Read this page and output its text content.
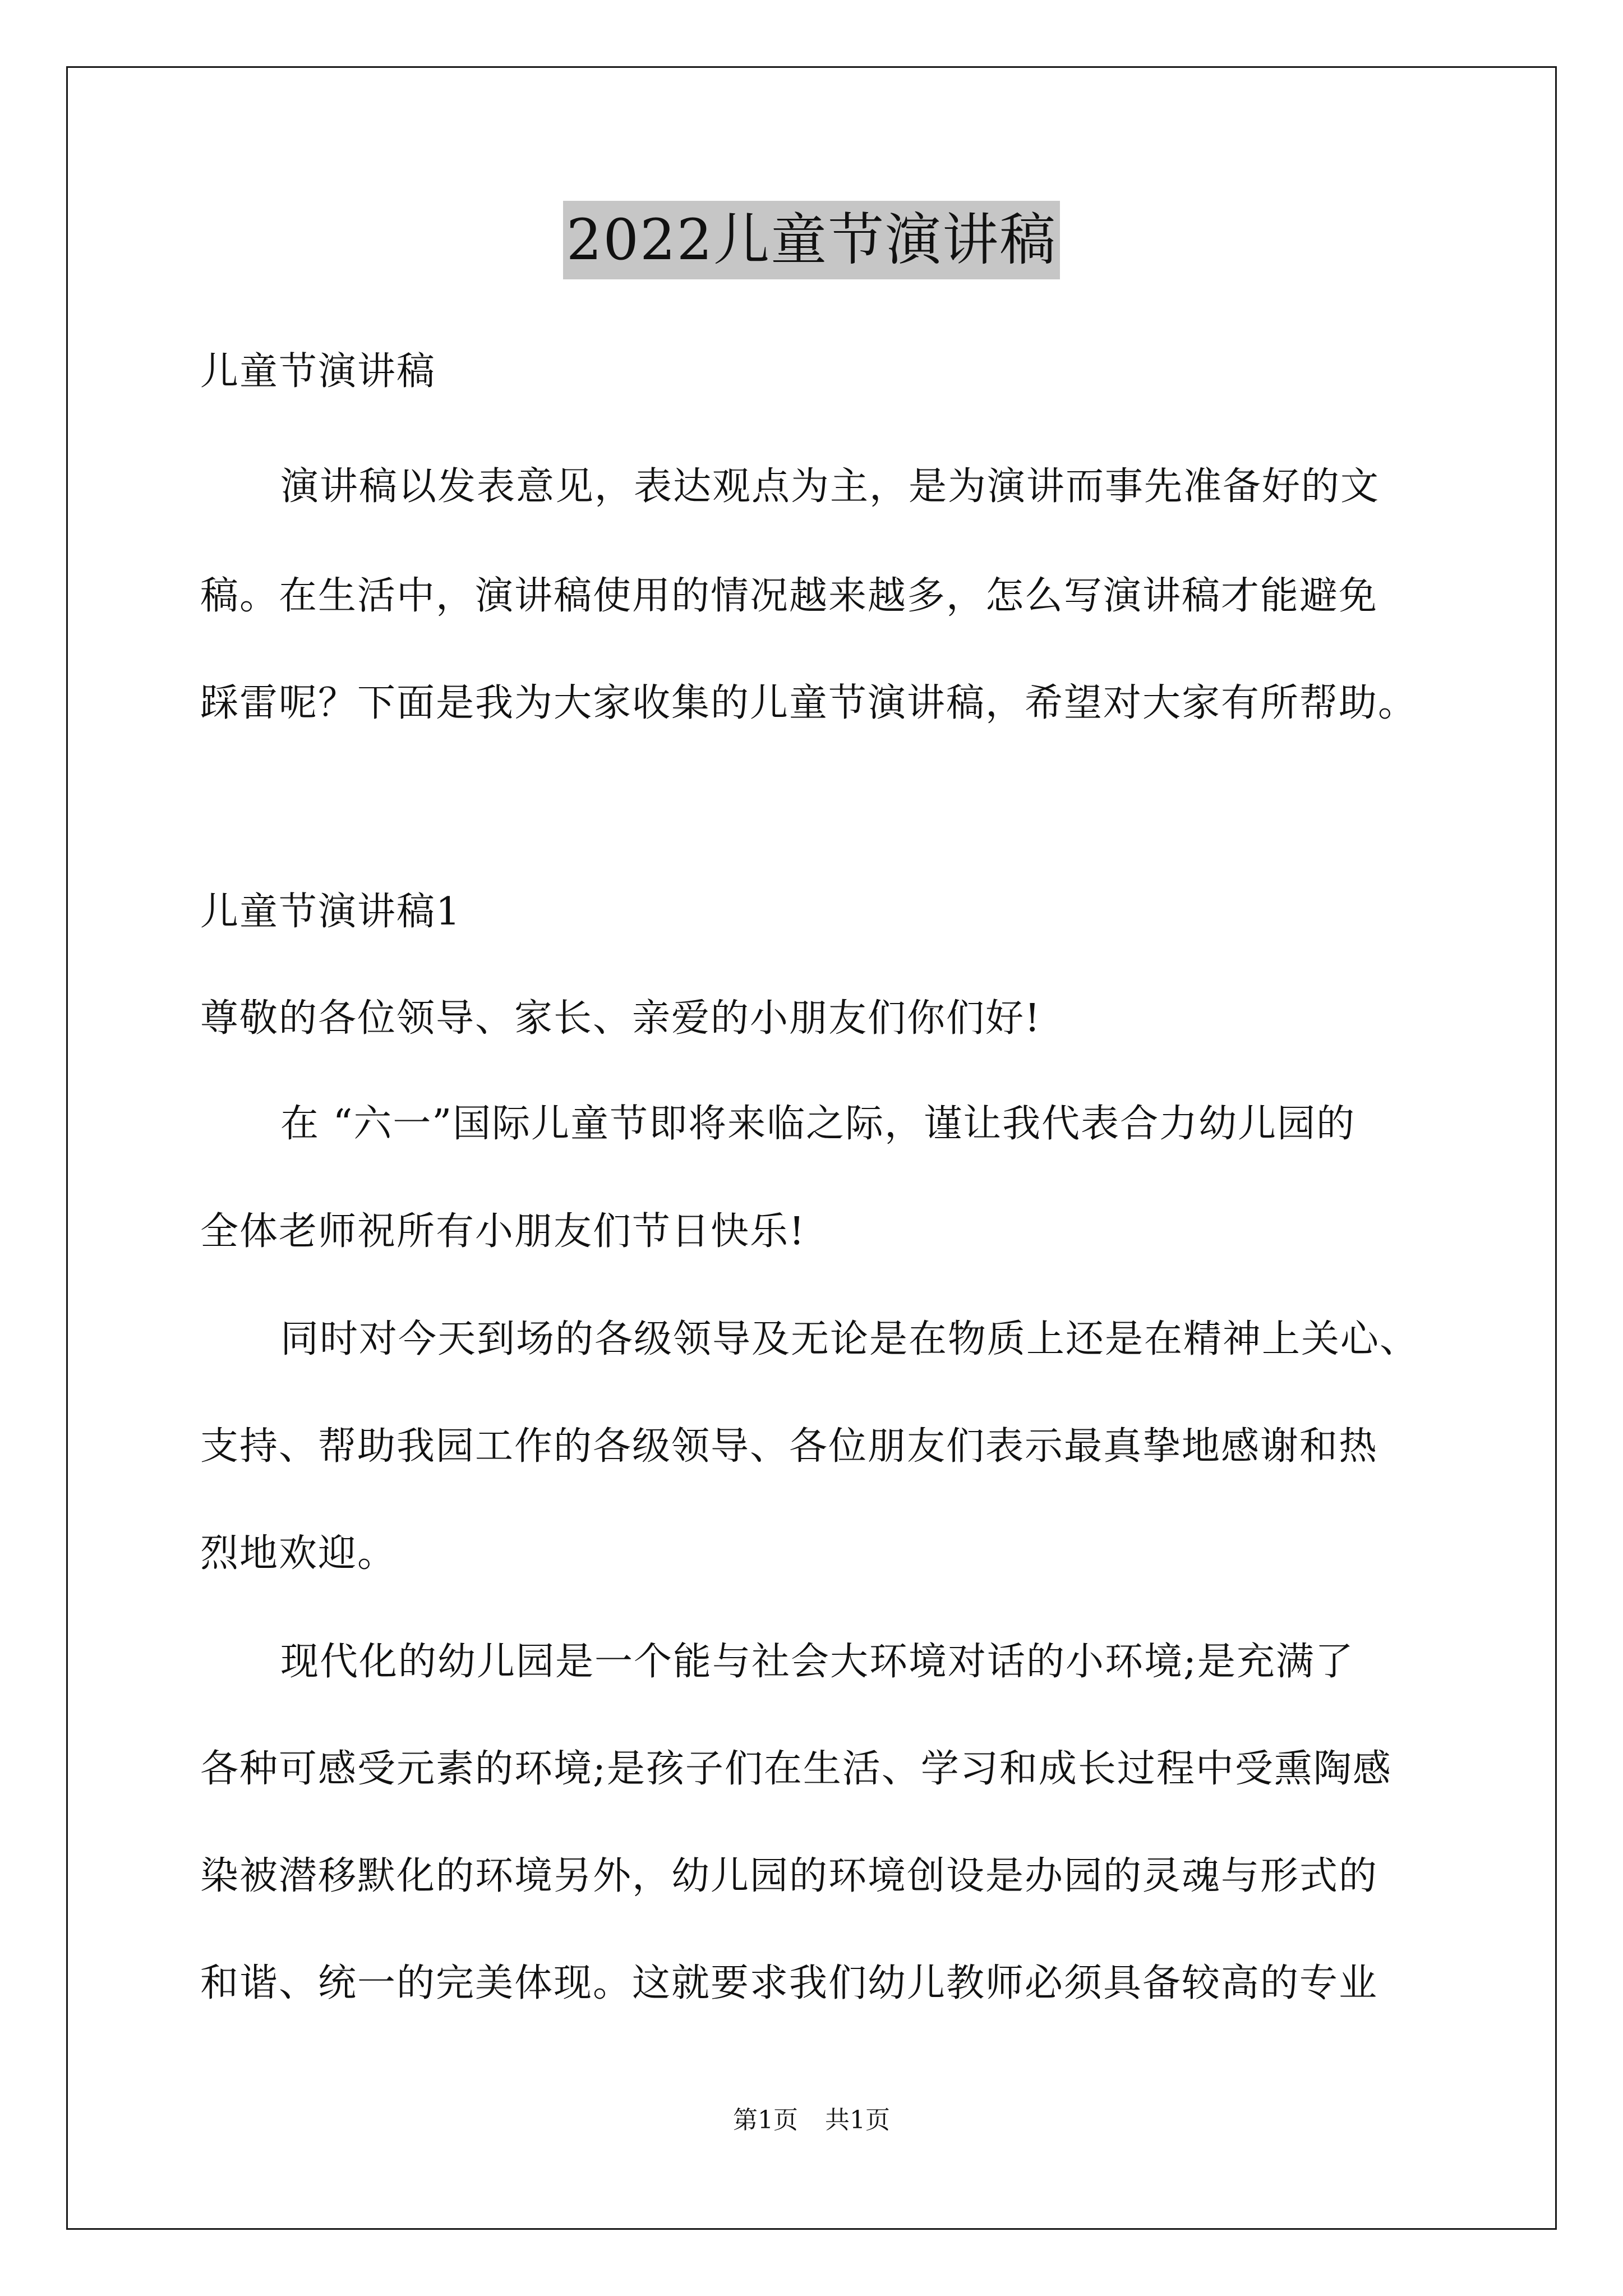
2022儿童节演讲稿
儿童节演讲稿
演讲稿以发表意见，表达观点为主，是为演讲而事先准备好的文
稿。在生活中，演讲稿使用的情况越来越多，怎么写演讲稿才能避免
踩雷呢？下面是我为大家收集的儿童节演讲稿，希望对大家有所帮助。
儿童节演讲稿1
尊敬的各位领导、家长、亲爱的小朋友们你们好!
在 “六一”国际儿童节即将来临之际，谨让我代表合力幼儿园的
全体老师祝所有小朋友们节日快乐!
同时对今天到场的各级领导及无论是在物质上还是在精神上关心、
支持、帮助我园工作的各级领导、各位朋友们表示最真挚地感谢和热
烈地欢迎。
现代化的幼儿园是一个能与社会大环境对话的小环境;是充满了
各种可感受元素的环境;是孩子们在生活、学习和成长过程中受熏陶感
染被潜移默化的环境另外，幼儿园的环境创设是办园的灵魂与形式的
和谐、统一的完美体现。这就要求我们幼儿教师必须具备较高的专业
第1页 共1页
